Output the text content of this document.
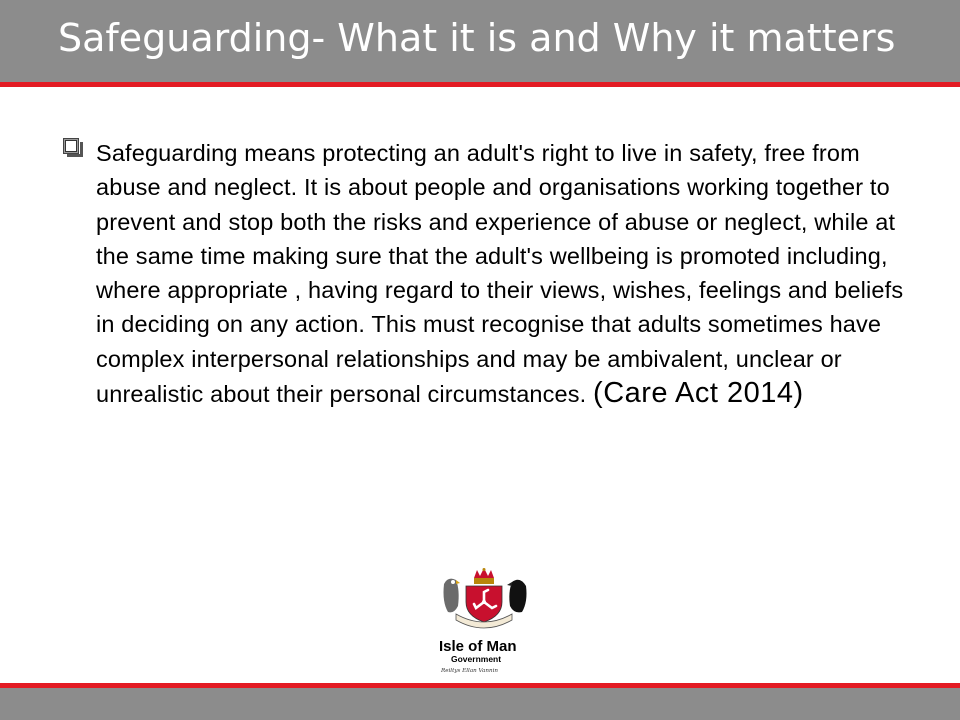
Safeguarding- What it is and Why it matters
Safeguarding means protecting an adult's right to live in safety, free from abuse and neglect. It is about people and organisations working together to prevent and stop both the risks and experience of abuse or neglect, while at the same time making sure that the adult's wellbeing is promoted including, where appropriate , having regard to their views, wishes, feelings and beliefs in deciding on any action. This must recognise that adults sometimes have complex interpersonal relationships and may be ambivalent, unclear or unrealistic about their personal circumstances. (Care Act 2014)
Isle of Man
Government
Reiltys Ellan Vannin
